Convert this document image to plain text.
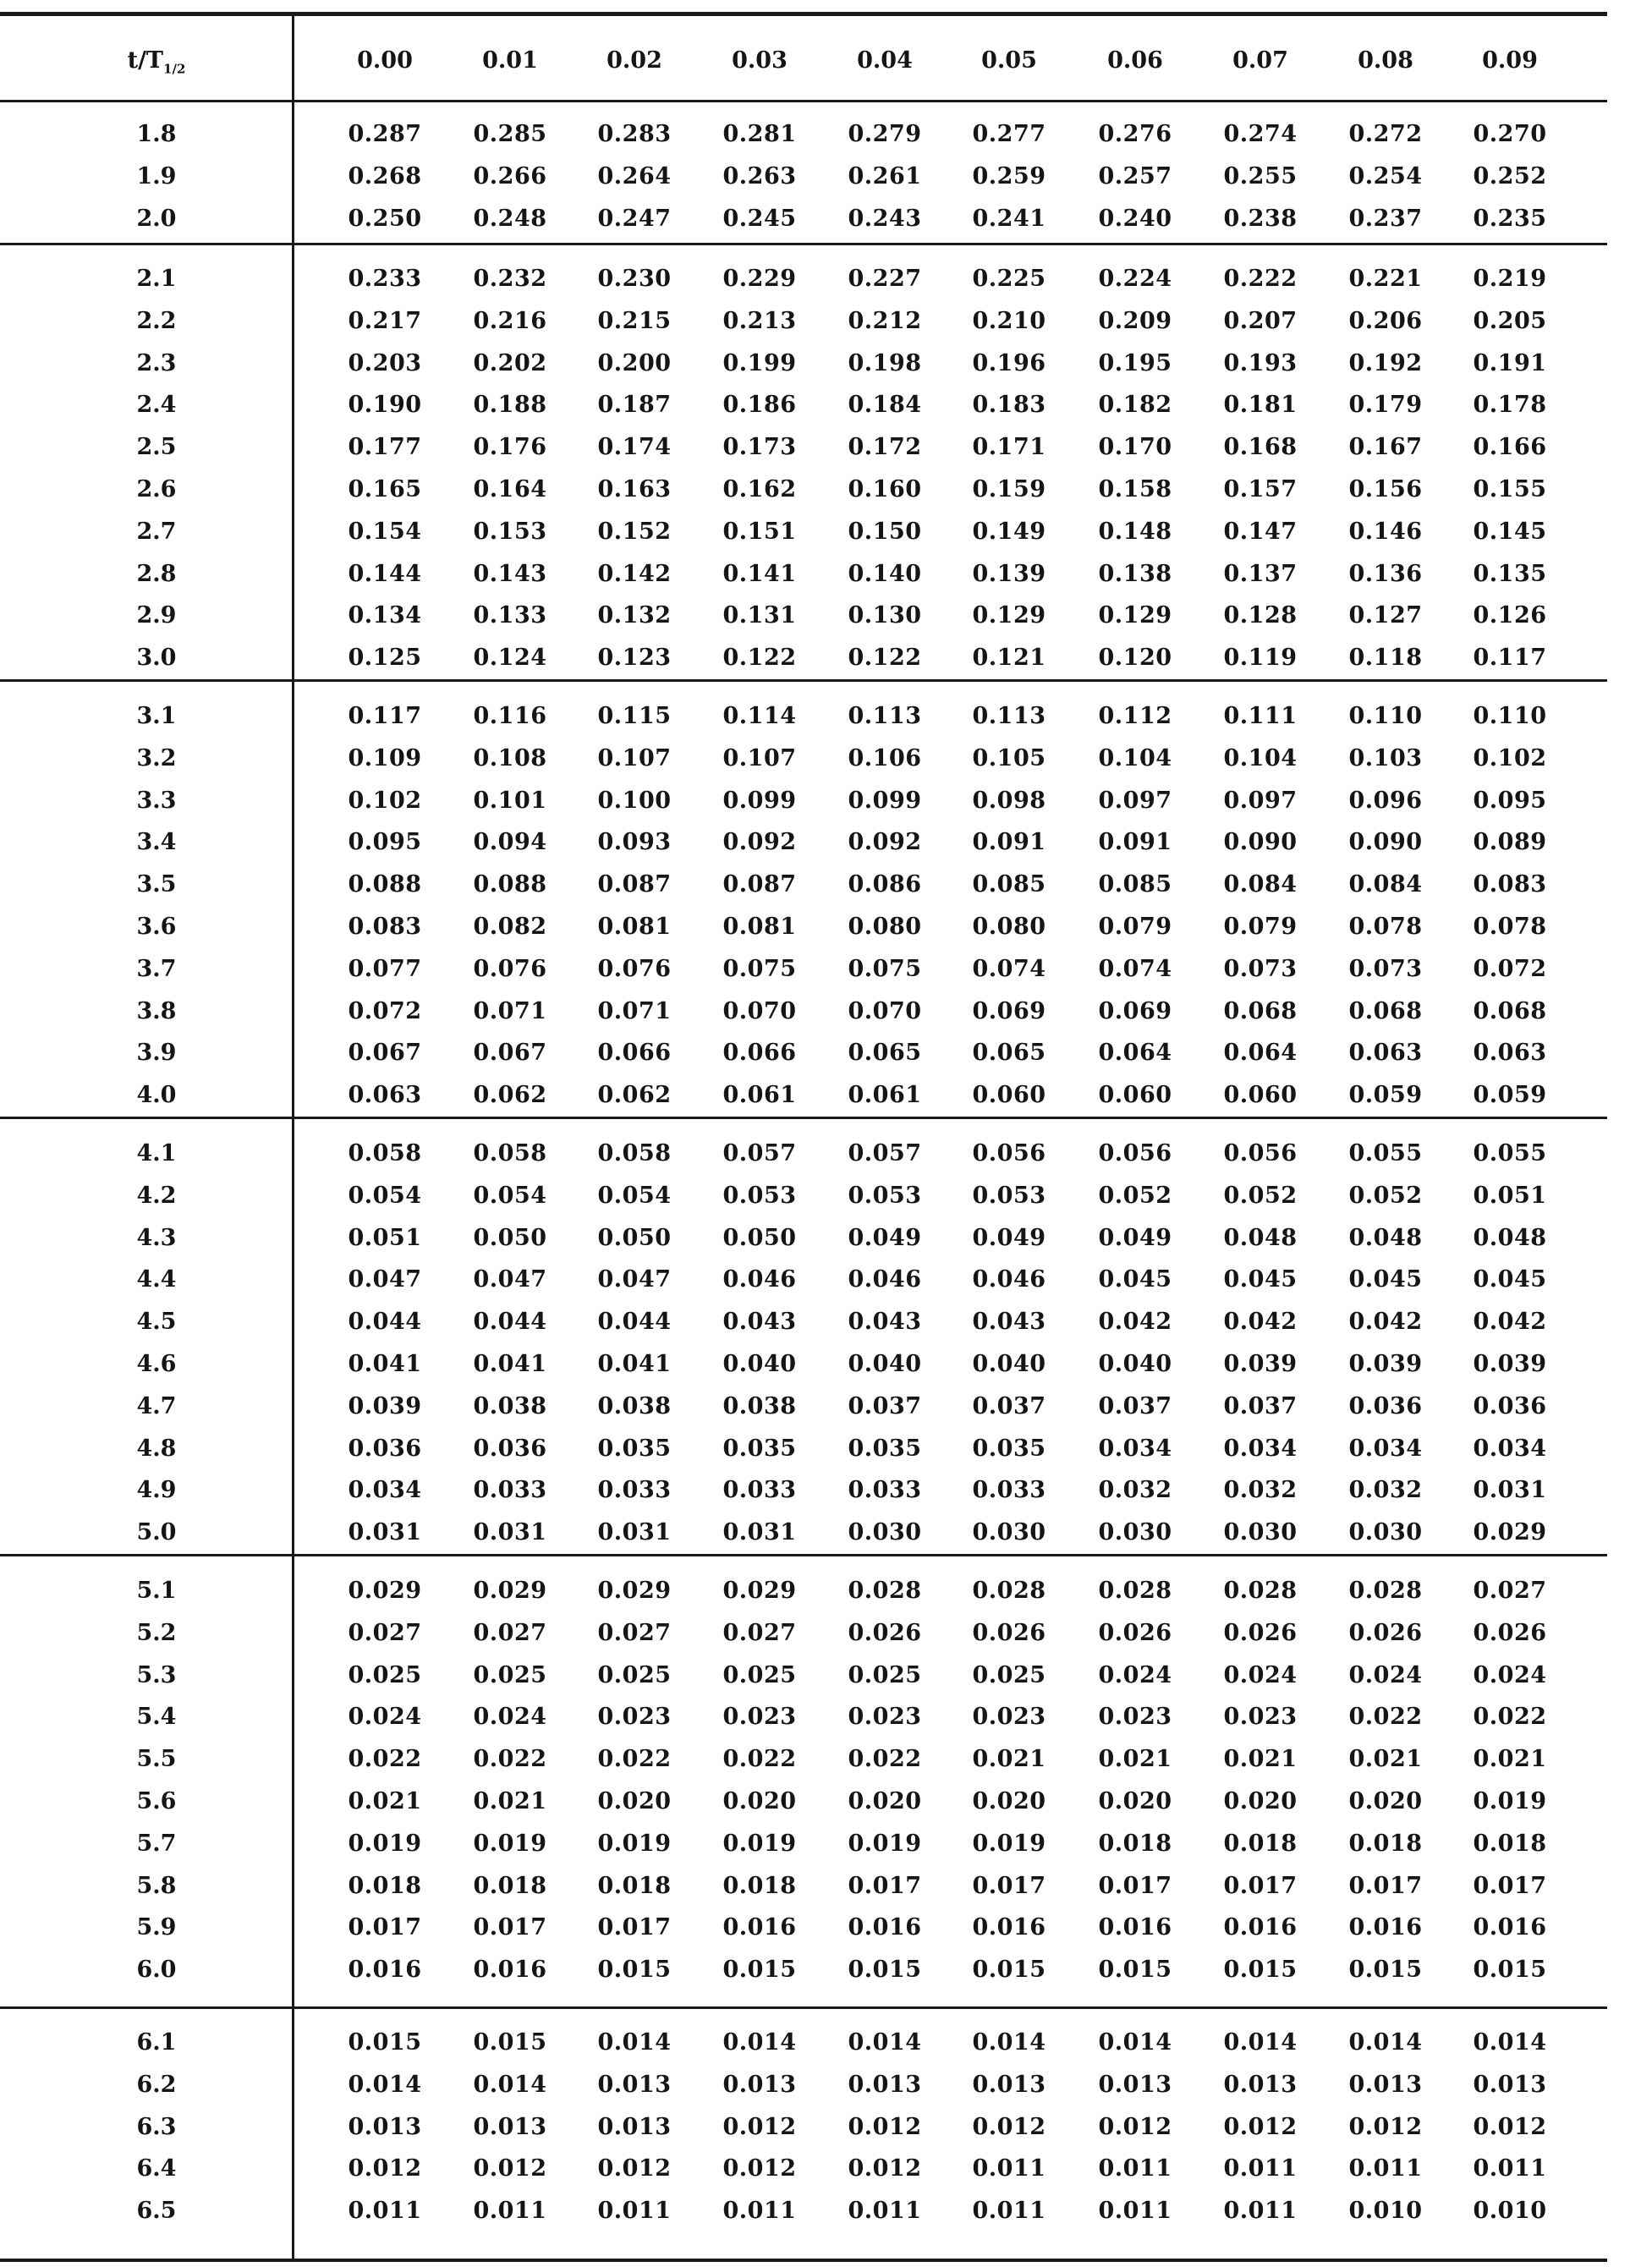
$t/T_{1/2}$	0.00	0.01	0.02	0.03	0.04	0.05	0.06	0.07	0.08	0.09
1.8	0.287	0.285	0.283	0.281	0.279	0.277	0.276	0.274	0.272	0.270
1.9	0.268	0.266	0.264	0.263	0.261	0.259	0.257	0.255	0.254	0.252
2.0	0.250	0.248	0.247	0.245	0.243	0.241	0.240	0.238	0.237	0.235
2.1	0.233	0.232	0.230	0.229	0.227	0.225	0.224	0.222	0.221	0.219
2.2	0.217	0.216	0.215	0.213	0.212	0.210	0.209	0.207	0.206	0.205
2.3	0.203	0.202	0.200	0.199	0.198	0.196	0.195	0.193	0.192	0.191
2.4	0.190	0.188	0.187	0.186	0.184	0.183	0.182	0.181	0.179	0.178
2.5	0.177	0.176	0.174	0.173	0.172	0.171	0.170	0.168	0.167	0.166
2.6	0.165	0.164	0.163	0.162	0.160	0.159	0.158	0.157	0.156	0.155
2.7	0.154	0.153	0.152	0.151	0.150	0.149	0.148	0.147	0.146	0.145
2.8	0.144	0.143	0.142	0.141	0.140	0.139	0.138	0.137	0.136	0.135
2.9	0.134	0.133	0.132	0.131	0.130	0.129	0.129	0.128	0.127	0.126
3.0	0.125	0.124	0.123	0.122	0.122	0.121	0.120	0.119	0.118	0.117
3.1	0.117	0.116	0.115	0.114	0.113	0.113	0.112	0.111	0.110	0.110
3.2	0.109	0.108	0.107	0.107	0.106	0.105	0.104	0.104	0.103	0.102
3.3	0.102	0.101	0.100	0.099	0.099	0.098	0.097	0.097	0.096	0.095
3.4	0.095	0.094	0.093	0.092	0.092	0.091	0.091	0.090	0.090	0.089
3.5	0.088	0.088	0.087	0.087	0.086	0.085	0.085	0.084	0.084	0.083
3.6	0.083	0.082	0.081	0.081	0.080	0.080	0.079	0.079	0.078	0.078
3.7	0.077	0.076	0.076	0.075	0.075	0.074	0.074	0.073	0.073	0.072
3.8	0.072	0.071	0.071	0.070	0.070	0.069	0.069	0.068	0.068	0.068
3.9	0.067	0.067	0.066	0.066	0.065	0.065	0.064	0.064	0.063	0.063
4.0	0.063	0.062	0.062	0.061	0.061	0.060	0.060	0.060	0.059	0.059
4.1	0.058	0.058	0.058	0.057	0.057	0.056	0.056	0.056	0.055	0.055
4.2	0.054	0.054	0.054	0.053	0.053	0.053	0.052	0.052	0.052	0.051
4.3	0.051	0.050	0.050	0.050	0.049	0.049	0.049	0.048	0.048	0.048
4.4	0.047	0.047	0.047	0.046	0.046	0.046	0.045	0.045	0.045	0.045
4.5	0.044	0.044	0.044	0.043	0.043	0.043	0.042	0.042	0.042	0.042
4.6	0.041	0.041	0.041	0.040	0.040	0.040	0.040	0.039	0.039	0.039
4.7	0.039	0.038	0.038	0.038	0.037	0.037	0.037	0.037	0.036	0.036
4.8	0.036	0.036	0.035	0.035	0.035	0.035	0.034	0.034	0.034	0.034
4.9	0.034	0.033	0.033	0.033	0.033	0.033	0.032	0.032	0.032	0.031
5.0	0.031	0.031	0.031	0.031	0.030	0.030	0.030	0.030	0.030	0.029
5.1	0.029	0.029	0.029	0.029	0.028	0.028	0.028	0.028	0.028	0.027
5.2	0.027	0.027	0.027	0.027	0.026	0.026	0.026	0.026	0.026	0.026
5.3	0.025	0.025	0.025	0.025	0.025	0.025	0.024	0.024	0.024	0.024
5.4	0.024	0.024	0.023	0.023	0.023	0.023	0.023	0.023	0.022	0.022
5.5	0.022	0.022	0.022	0.022	0.022	0.021	0.021	0.021	0.021	0.021
5.6	0.021	0.021	0.020	0.020	0.020	0.020	0.020	0.020	0.020	0.019
5.7	0.019	0.019	0.019	0.019	0.019	0.019	0.018	0.018	0.018	0.018
5.8	0.018	0.018	0.018	0.018	0.017	0.017	0.017	0.017	0.017	0.017
5.9	0.017	0.017	0.017	0.016	0.016	0.016	0.016	0.016	0.016	0.016
6.0	0.016	0.016	0.015	0.015	0.015	0.015	0.015	0.015	0.015	0.015
6.1	0.015	0.015	0.014	0.014	0.014	0.014	0.014	0.014	0.014	0.014
6.2	0.014	0.014	0.013	0.013	0.013	0.013	0.013	0.013	0.013	0.013
6.3	0.013	0.013	0.013	0.012	0.012	0.012	0.012	0.012	0.012	0.012
6.4	0.012	0.012	0.012	0.012	0.012	0.011	0.011	0.011	0.011	0.011
6.5	0.011	0.011	0.011	0.011	0.011	0.011	0.011	0.011	0.010	0.010
